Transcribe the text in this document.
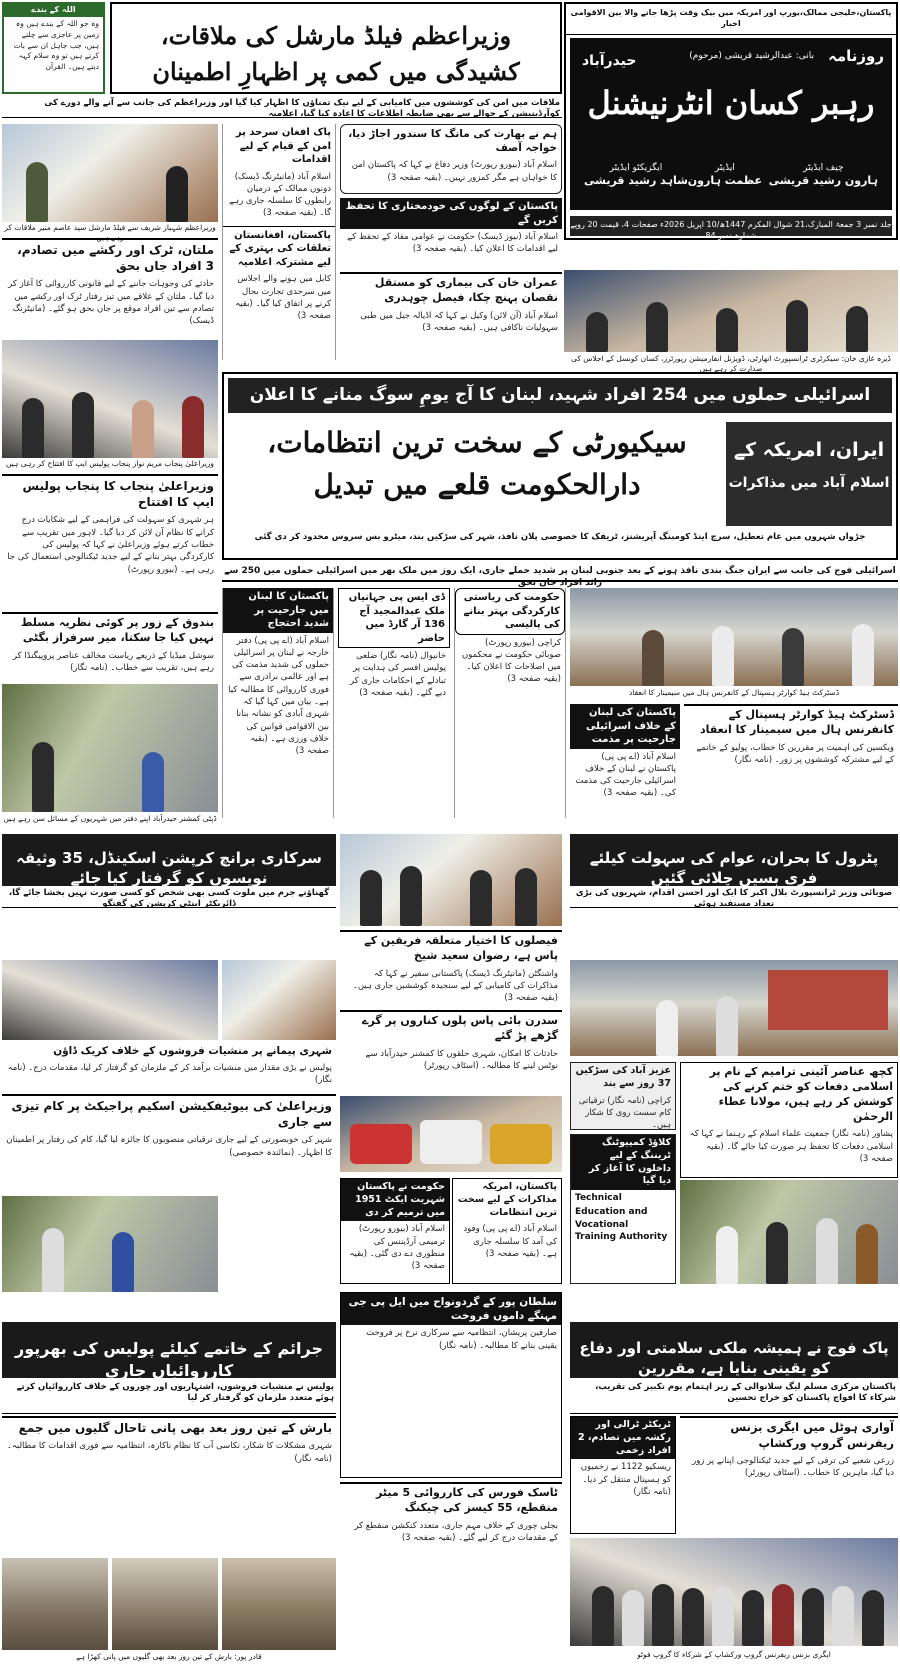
پاکستان،خلیجی ممالک،یورپ اور امریکہ میں بیک وقت پڑھا جانے والا بین الاقوامی اخبار
روزنامہ
بانی: عبدالرشید قریشی (مرحوم)
حیدرآباد
رہبر کسان انٹرنیشنل
چیف ایڈیٹر
ہارون رشید قریشی
ایڈیٹر
عظمت ہارون
ایگزیکٹو ایڈیٹر
شاہد رشید قریشی
جلد نمبر 3 جمعۃ المبارک،21 شوال المکرم 1447ھ/10 اپریل 2026ء صفحات 4، قیمت 20 روپے شمارہ نمبر 84
ڈیرہ غازی خان: سیکرٹری ٹرانسپورٹ اتھارٹی، ڈویژنل انفارمیشن رپورٹرز، کسان کونسل کے اجلاس کی صدارت کر رہے ہیں
اللہ کے بندے
وہ جو اللہ کے بندے ہیں وہ زمین پر عاجزی سے چلتے ہیں، جب جاہل ان سے بات کرتے ہیں تو وہ سلام کہہ دیتے ہیں۔ القرآن
وزیراعظم فیلڈ مارشل کی ملاقات، کشیدگی میں کمی پر اظہارِ اطمینان
ملاقات میں امن کی کوششوں میں کامیابی کے لیے نیک تمناؤں کا اظہار کیا گیا اور وزیراعظم کی جانب سے آنے والے دورے کی کوآرڈینیشن کے حوالے سے بھی ضابطہ اطلاعات کا اعادہ کیا گیا، اعلامیہ
وزیراعظم شہباز شریف سے فیلڈ مارشل سید عاصم منیر ملاقات کر رہے ہیں
ملتان، ٹرک اور رکشے میں تصادم، 3 افراد جاں بحق
حادثے کی وجوہات جاننے کے لیے قانونی کارروائی کا آغاز کر دیا گیا۔ ملتان کے علاقے میں تیز رفتار ٹرک اور رکشے میں تصادم سے تین افراد موقع پر جاں بحق ہو گئے۔ (مانیٹرنگ ڈیسک)
وزیراعلیٰ پنجاب مریم نواز پنجاب پولیس ایپ کا افتتاح کر رہی ہیں
وزیراعلیٰ پنجاب کا پنجاب پولیس ایپ کا افتتاح
ہر شہری کو سہولت کی فراہمی کے لیے شکایات درج کرانے کا نظام آن لائن کر دیا گیا۔ لاہور میں تقریب سے خطاب کرتے ہوئے وزیراعلیٰ نے کہا کہ پولیس کی کارکردگی بہتر بنانے کے لیے جدید ٹیکنالوجی استعمال کی جا رہی ہے۔ (بیورو رپورٹ)
پاک افغان سرحد پر امن کے قیام کے لیے اقدامات
اسلام آباد (مانیٹرنگ ڈیسک) دونوں ممالک کے درمیان رابطوں کا سلسلہ جاری رہے گا۔ (بقیہ صفحہ 3)
پاکستان، افغانستان تعلقات کی بہتری کے لیے مشترکہ اعلامیہ
کابل میں ہونے والے اجلاس میں سرحدی تجارت بحال کرنے پر اتفاق کیا گیا۔ (بقیہ صفحہ 3)
ہم نے بھارت کی مانگ کا سندور اجاڑ دیا، خواجہ آصف
اسلام آباد (بیورو رپورٹ) وزیر دفاع نے کہا کہ پاکستان امن کا خواہاں ہے مگر کمزور نہیں۔ (بقیہ صفحہ 3)
پاکستان کے لوگوں کی خودمختاری کا تحفظ کریں گے
اسلام آباد (نیوز ڈیسک) حکومت نے عوامی مفاد کے تحفظ کے لیے اقدامات کا اعلان کیا۔ (بقیہ صفحہ 3)
عمران خان کی بیماری کو مستقل نقصان پہنچ چکا، فیصل چوہدری
اسلام آباد (آن لائن) وکیل نے کہا کہ اڈیالہ جیل میں طبی سہولیات ناکافی ہیں۔ (بقیہ صفحہ 3)
اسرائیلی حملوں میں 254 افراد شہید، لبنان کا آج یومِ سوگ منانے کا اعلان
ایران، امریکہ کے
اسلام آباد میں مذاکرات
سیکیورٹی کے سخت ترین انتظامات،
دارالحکومت قلعے میں تبدیل
جڑواں شہروں میں عام تعطیل، سرچ اینڈ کومبنگ آپریشنز، ٹریفک کا خصوصی پلان نافذ، شہر کی سڑکیں بند، میٹرو بس سروس محدود کر دی گئی
اسرائیلی فوج کی جانب سے ایران جنگ بندی نافذ ہونے کے بعد جنوبی لبنان پر شدید حملے جاری، ایک روز میں ملک بھر میں اسرائیلی حملوں میں 250 سے زائد افراد جاں بحق
بندوق کے زور پر کوئی نظریہ مسلط نہیں کیا جا سکتا، میر سرفراز بگٹی
سوشل میڈیا کے ذریعے ریاست مخالف عناصر پروپیگنڈا کر رہے ہیں، تقریب سے خطاب۔ (نامہ نگار)
ڈپٹی کمشنر حیدرآباد اپنے دفتر میں شہریوں کے مسائل سن رہے ہیں
پاکستان کا لبنان میں جارحیت پر شدید احتجاج
اسلام آباد (اے پی پی) دفتر خارجہ نے لبنان پر اسرائیلی حملوں کی شدید مذمت کی ہے اور عالمی برادری سے فوری کارروائی کا مطالبہ کیا ہے۔ بیان میں کہا گیا کہ شہری آبادی کو نشانہ بنانا بین الاقوامی قوانین کی خلاف ورزی ہے۔ (بقیہ صفحہ 3)
ڈی ایس پی جہانیاں ملک عبدالمجید آج 136 آر گارڈ میں حاضر
خانیوال (نامہ نگار) ضلعی پولیس افسر کی ہدایت پر تبادلے کے احکامات جاری کر دیے گئے۔ (بقیہ صفحہ 3)
حکومت کی ریاستی کارکردگی بہتر بنانے کی پالیسی
کراچی (بیورو رپورٹ) صوبائی حکومت نے محکموں میں اصلاحات کا اعلان کیا۔ (بقیہ صفحہ 3)
ڈسٹرکٹ ہیڈ کوارٹر ہسپتال کے کانفرنس ہال میں سیمینار کا انعقاد
ڈسٹرکٹ ہیڈ کوارٹر ہسپتال کے کانفرنس ہال میں سیمینار کا انعقاد
ویکسین کی اہمیت پر مقررین کا خطاب، پولیو کے خاتمے کے لیے مشترکہ کوششوں پر زور۔ (نامہ نگار)
پاکستان کی لبنان کے خلاف اسرائیلی جارحیت پر مذمت
اسلام آباد (اے پی پی) پاکستان نے لبنان کے خلاف اسرائیلی جارحیت کی مذمت کی۔ (بقیہ صفحہ 3)
سرکاری برانچ کرپشن اسکینڈل، 35 وثیقہ نویسوں کو گرفتار کیا جائے
گھناؤنے جرم میں ملوث کسی بھی شخص کو کسی صورت نہیں بخشا جائے گا، ڈائریکٹر اینٹی کرپشن کی گفتگو
پٹرول کا بحران، عوام کی سہولت کیلئے فری بسیں چلائی گئیں
صوبائی وزیر ٹرانسپورٹ بلال اکبر کا ایک اور احسن اقدام، شہریوں کی بڑی تعداد مستفید ہوئی
شہری پیمانے پر منشیات فروشوں کے خلاف کریک ڈاؤن
پولیس نے بڑی مقدار میں منشیات برآمد کر کے ملزمان کو گرفتار کر لیا، مقدمات درج۔ (نامہ نگار)
وزیراعلیٰ کی بیوٹیفکیشن اسکیم پراجیکٹ پر کام تیزی سے جاری
شہر کی خوبصورتی کے لیے جاری ترقیاتی منصوبوں کا جائزہ لیا گیا، کام کی رفتار پر اطمینان کا اظہار۔ (نمائندہ خصوصی)
فیصلوں کا اختیار متعلقہ فریقین کے پاس ہے، رضوان سعید شیخ
واشنگٹن (مانیٹرنگ ڈیسک) پاکستانی سفیر نے کہا کہ مذاکرات کی کامیابی کے لیے سنجیدہ کوششیں جاری ہیں۔ (بقیہ صفحہ 3)
سدرن بائی پاس پلوں کناروں پر گرے گڑھے پڑ گئے
حادثات کا امکان، شہری حلقوں کا کمشنر حیدرآباد سے نوٹس لینے کا مطالبہ۔ (اسٹاف رپورٹر)
حکومت نے پاکستان شہریت ایکٹ 1951 میں ترمیم کر دی
اسلام آباد (بیورو رپورٹ) ترمیمی آرڈیننس کی منظوری دے دی گئی۔ (بقیہ صفحہ 3)
پاکستان، امریکہ مذاکرات کے لیے سخت ترین انتظامات
اسلام آباد (اے پی پی) وفود کی آمد کا سلسلہ جاری ہے۔ (بقیہ صفحہ 3)
عزیز آباد کی سڑکیں 37 روز سے بند
کراچی (نامہ نگار) ترقیاتی کام سست روی کا شکار ہیں۔
کچھ عناصر آئینی ترامیم کے نام پر اسلامی دفعات کو ختم کرنے کی کوشش کر رہے ہیں، مولانا عطاء الرحمٰن
پشاور (نامہ نگار) جمعیت علماء اسلام کے رہنما نے کہا کہ اسلامی دفعات کا تحفظ ہر صورت کیا جائے گا۔ (بقیہ صفحہ 3)
کلاؤڈ کمپیوٹنگ ٹریننگ کے لیے داخلوں کا آغاز کر دیا گیا
Technical
Education and Vocational
Training Authority
جرائم کے خاتمے کیلئے پولیس کی بھرپور کارروائیاں جاری
پولیس نے منشیات فروشوں، اشتہاریوں اور چوروں کے خلاف کارروائیاں کرتے ہوئے متعدد ملزمان کو گرفتار کر لیا
پاک فوج نے ہمیشہ ملکی سلامتی اور دفاع کو یقینی بنایا ہے، مقررین
پاکستان مرکزی مسلم لیگ سلانوالی کے زیر اہتمام یوم تکبیر کی تقریب، شرکاء کا افواج پاکستان کو خراج تحسین
بارش کے تین روز بعد بھی پانی تاحال گلیوں میں جمع
شہری مشکلات کا شکار، نکاسی آب کا نظام ناکارہ، انتظامیہ سے فوری اقدامات کا مطالبہ۔ (نامہ نگار)
قادر پور: بارش کے تین روز بعد بھی گلیوں میں پانی کھڑا ہے
سلطان پور کے گردونواح میں ایل پی جی مہنگے داموں فروخت
صارفین پریشان، انتظامیہ سے سرکاری نرخ پر فروخت یقینی بنانے کا مطالبہ۔ (نامہ نگار)
ٹاسک فورس کی کارروائی 5 میٹر منقطع، 55 کیسز کی چیکنگ
بجلی چوری کے خلاف مہم جاری، متعدد کنکشن منقطع کر کے مقدمات درج کر لیے گئے۔ (بقیہ صفحہ 3)
آواری ہوٹل میں ایگری بزنس ریفرنس گروپ ورکشاپ
زرعی شعبے کی ترقی کے لیے جدید ٹیکنالوجی اپنانے پر زور دیا گیا، ماہرین کا خطاب۔ (اسٹاف رپورٹر)
ٹریکٹر ٹرالی اور رکشہ میں تصادم، 2 افراد زخمی
ریسکیو 1122 نے زخمیوں کو ہسپتال منتقل کر دیا۔ (نامہ نگار)
ایگری بزنس ریفرنس گروپ ورکشاپ کے شرکاء کا گروپ فوٹو
